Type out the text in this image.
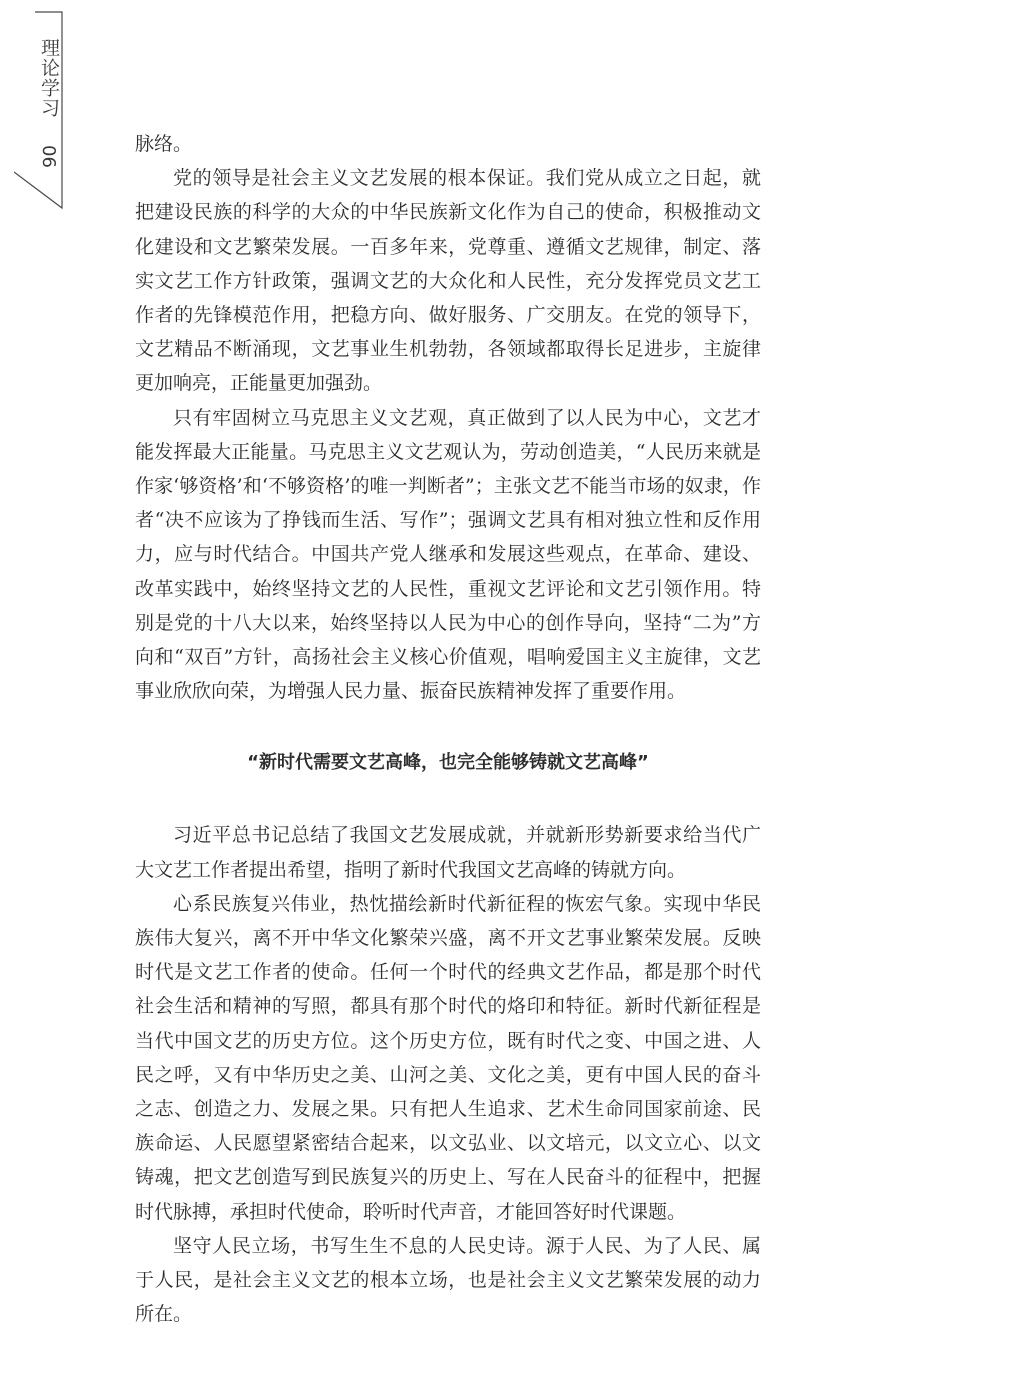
理论学习
06

脉络。

党的领导是社会主义文艺发展的根本保证。我们党从成立之日起，就把建设民族的科学的大众的中华民族新文化作为自己的使命，积极推动文化建设和文艺繁荣发展。一百多年来，党尊重、遵循文艺规律，制定、落实文艺工作方针政策，强调文艺的大众化和人民性，充分发挥党员文艺工作者的先锋模范作用，把稳方向、做好服务、广交朋友。在党的领导下，文艺精品不断涌现，文艺事业生机勃勃，各领域都取得长足进步，主旋律更加响亮，正能量更加强劲。

只有牢固树立马克思主义文艺观，真正做到了以人民为中心，文艺才能发挥最大正能量。马克思主义文艺观认为，劳动创造美，“人民历来就是作家‘够资格’和‘不够资格’的唯一判断者”；主张文艺不能当市场的奴隶，作者“决不应该为了挣钱而生活、写作”；强调文艺具有相对独立性和反作用力，应与时代结合。中国共产党人继承和发展这些观点，在革命、建设、改革实践中，始终坚持文艺的人民性，重视文艺评论和文艺引领作用。特别是党的十八大以来，始终坚持以人民为中心的创作导向，坚持“二为”方向和“双百”方针，高扬社会主义核心价值观，唱响爱国主义主旋律，文艺事业欣欣向荣，为增强人民力量、振奋民族精神发挥了重要作用。

“新时代需要文艺高峰，也完全能够铸就文艺高峰”

习近平总书记总结了我国文艺发展成就，并就新形势新要求给当代广大文艺工作者提出希望，指明了新时代我国文艺高峰的铸就方向。

心系民族复兴伟业，热忱描绘新时代新征程的恢宏气象。实现中华民族伟大复兴，离不开中华文化繁荣兴盛，离不开文艺事业繁荣发展。反映时代是文艺工作者的使命。任何一个时代的经典文艺作品，都是那个时代社会生活和精神的写照，都具有那个时代的烙印和特征。新时代新征程是当代中国文艺的历史方位。这个历史方位，既有时代之变、中国之进、人民之呼，又有中华历史之美、山河之美、文化之美，更有中国人民的奋斗之志、创造之力、发展之果。只有把人生追求、艺术生命同国家前途、民族命运、人民愿望紧密结合起来，以文弘业、以文培元，以文立心、以文铸魂，把文艺创造写到民族复兴的历史上、写在人民奋斗的征程中，把握时代脉搏，承担时代使命，聆听时代声音，才能回答好时代课题。

坚守人民立场，书写生生不息的人民史诗。源于人民、为了人民、属于人民，是社会主义文艺的根本立场，也是社会主义文艺繁荣发展的动力所在。
